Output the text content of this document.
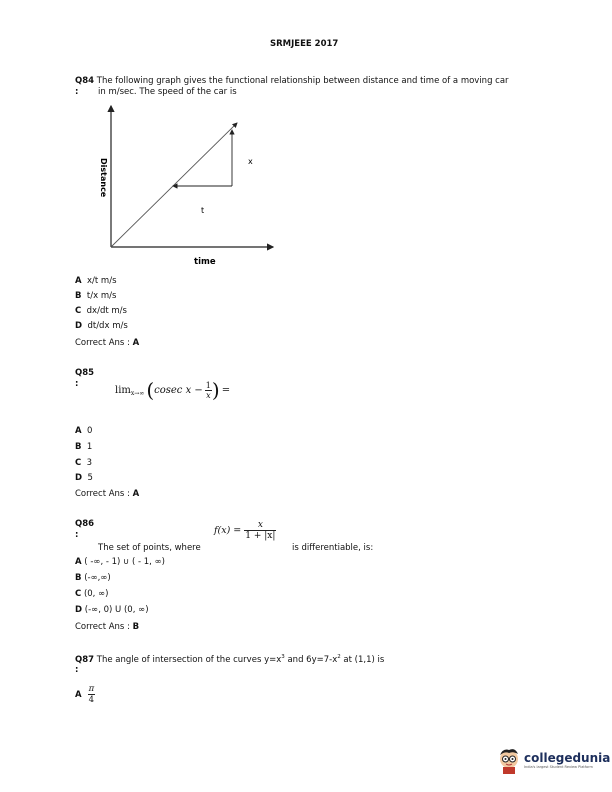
SRMJEEE 2017
Q84 The following graph gives the functional relationship between distance and time of a moving car
: in m/sec. The speed of the car is
x
t
time
Distance
A x/t m/s
B t/x m/s
C dx/dt m/s
D dt/dx m/s
Correct Ans : A
Q85
:
lim x→∞ ( cosec $x - \frac{1}{x}$ ) =
A 0
B 1
C 3
D 5
Correct Ans : A
Q86
:	$f(x) = \frac{x}{1 + |x|}$
The set of points, where	is differentiable, is:
A ( -∞, - 1) ∪ ( - 1, ∞)
B (-∞,∞)
C (0, ∞)
D (-∞, 0) U (0, ∞)
Correct Ans : B
Q87 The angle of intersection of the curves $y=x^3$ and $6y=7-x^2$ at (1,1) is
:
A $\frac{\pi}{4}$
collegedunia
India's largest Student Review Platform
